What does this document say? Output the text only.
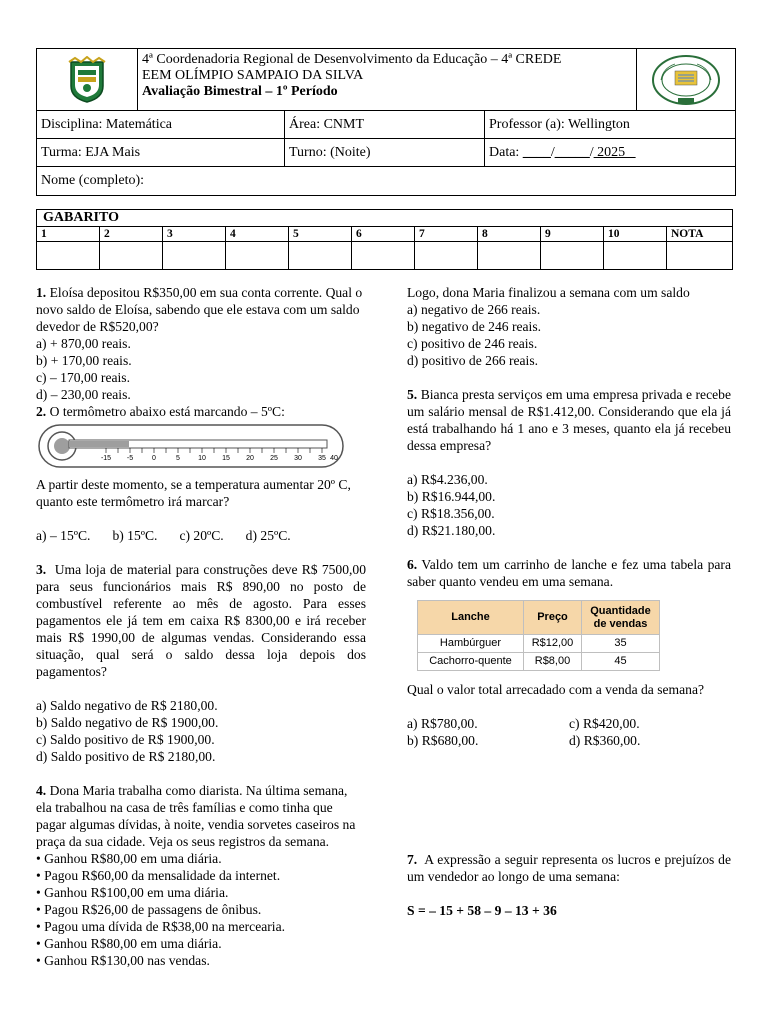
4ª Coordenadoria Regional de Desenvolvimento da Educação – 4ª CREDE
EEM OLÍMPIO SAMPAIO DA SILVA
Avaliação Bimestral – 1º Período
Disciplina: Matemática	Área: CNMT	Professor (a): Wellington
Turma: EJA Mais	Turno: (Noite)	Data: ____/_____/ 2025
Nome (completo):
GABARITO
1	2	3	4	5	6	7	8	9	10	NOTA

1. Eloísa depositou R$350,00 em sua conta corrente. Qual o novo saldo de Eloísa, sabendo que ele estava com um saldo devedor de R$520,00?

a) + 870,00 reais.

b) + 170,00 reais.

c) – 170,00 reais.

d) – 230,00 reais.

2. O termômetro abaixo está marcando – 5ºC:

-15 -5	0	5	10 15 20 25 30 35 40

A partir deste momento, se a temperatura aumentar 20º C, quanto este termômetro irá marcar?

a) – 15ºC. b) 15ºC. c) 20ºC. d) 25ºC.

3. Uma loja de material para construções deve R$ 7500,00 para seus funcionários mais R$ 890,00 no posto de combustível referente ao mês de agosto. Para esses pagamentos ele já tem em caixa R$ 8300,00 e irá receber mais R$ 1990,00 de algumas vendas. Considerando essa situação, qual será o saldo dessa loja depois dos pagamentos?

a) Saldo negativo de R$ 2180,00.

b) Saldo negativo de R$ 1900,00.

c) Saldo positivo de R$ 1900,00.

d) Saldo positivo de R$ 2180,00.

4. Dona Maria trabalha como diarista. Na última semana, ela trabalhou na casa de três famílias e como tinha que pagar algumas dívidas, à noite, vendia sorvetes caseiros na praça da sua cidade. Veja os seus registros da semana.

• Ganhou R$80,00 em uma diária.

• Pagou R$60,00 da mensalidade da internet.

• Ganhou R$100,00 em uma diária.

• Pagou R$26,00 de passagens de ônibus.

• Pagou uma dívida de R$38,00 na mercearia.

• Ganhou R$80,00 em uma diária.

• Ganhou R$130,00 nas vendas.

Logo, dona Maria finalizou a semana com um saldo

a) negativo de 266 reais.

b) negativo de 246 reais.

c) positivo de 246 reais.

d) positivo de 266 reais.

5. Bianca presta serviços em uma empresa privada e recebe um salário mensal de R$1.412,00. Considerando que ela já está trabalhando há 1 ano e 3 meses, quanto ela já recebeu dessa empresa?

a) R$4.236,00.

b) R$16.944,00.

c) R$18.356,00.

d) R$21.180,00.

6. Valdo tem um carrinho de lanche e fez uma tabela para saber quanto vendeu em uma semana.

Lanche	Preço	Quantidade de vendas
Hambúrguer	R$12,00	35
Cachorro-quente	R$8,00	45

Qual o valor total arrecadado com a venda da semana?

a) R$780,00.

b) R$680,00.

c) R$420,00.

d) R$360,00.

7. A expressão a seguir representa os lucros e prejuízos de um vendedor ao longo de uma semana:

S = – 15 + 58 – 9 – 13 + 36
